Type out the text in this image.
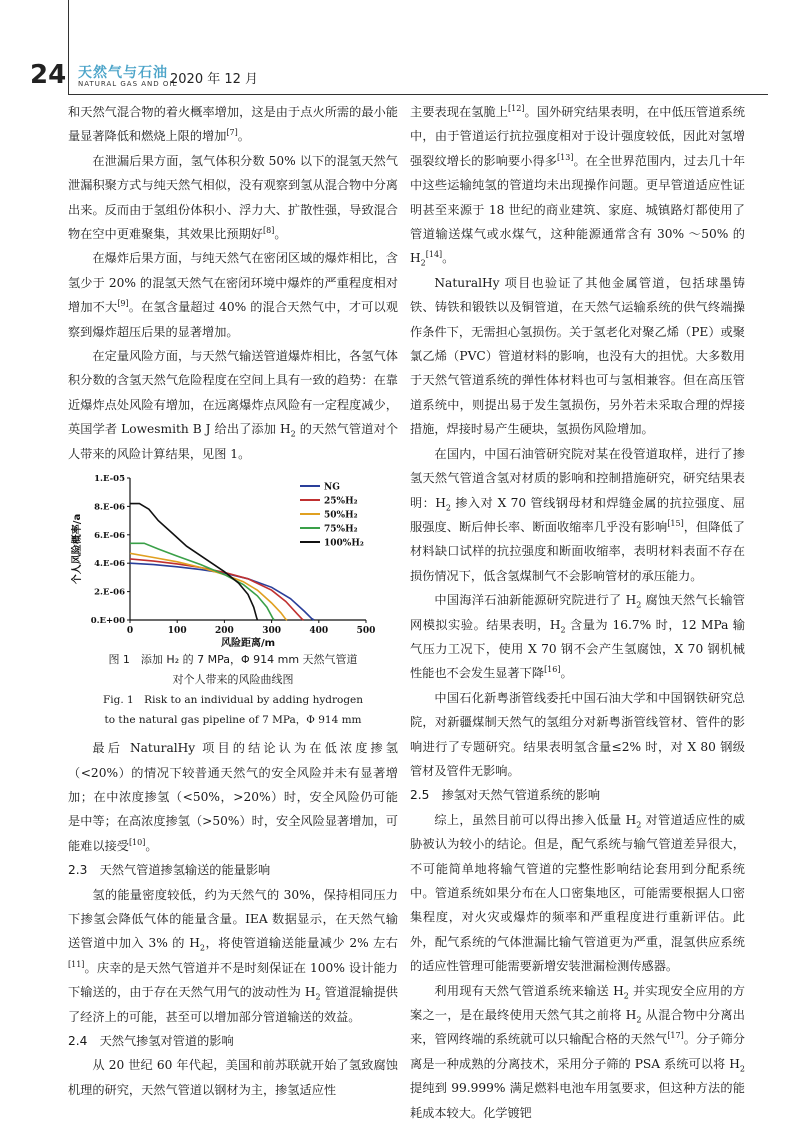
24 天然气与石油
NATURAL GAS AND OIL
2020 年 12 月

和天然气混合物的着火概率增加，这是由于点火所需的最小能量显著降低和燃烧上限的增加[7]。

在泄漏后果方面，氢气体积分数 50% 以下的混氢天然气泄漏积聚方式与纯天然气相似，没有观察到氢从混合物中分离出来。反而由于氢组份体积小、浮力大、扩散性强，导致混合物在空中更难聚集，其效果比预期好[8]。

在爆炸后果方面，与纯天然气在密闭区域的爆炸相比，含氢少于 20% 的混氢天然气在密闭环境中爆炸的严重程度相对增加不大[9]。在氢含量超过 40% 的混合天然气中，才可以观察到爆炸超压后果的显著增加。

在定量风险方面，与天然气输送管道爆炸相比，各氢气体积分数的含氢天然气危险程度在空间上具有一致的趋势：在靠近爆炸点处风险有增加，在远离爆炸点风险有一定程度减少，英国学者 Lowesmith B J 给出了添加 $H_2$ 的天然气管道对个人带来的风险计算结果，见图 1。

0.E+00
2.E-06
4.E-06
6.E-06
8.E-06
1.E-05
0	100	200	300	400	500
风险距离/m
个人风险概率/a
NG
25%H₂
50%H₂
75%H₂
100%H₂
图 1　添加 H₂ 的 7 MPa，Φ 914 mm 天然气管道
对个人带来的风险曲线图
Fig. 1　Risk to an individual by adding hydrogen
to the natural gas pipeline of 7 MPa，Φ 914 mm

最后 NaturalHy 项目的结论认为在低浓度掺氢（<20%）的情况下较普通天然气的安全风险并未有显著增加；在中浓度掺氢（<50%，>20%）时，安全风险仍可能是中等；在高浓度掺氢（>50%）时，安全风险显著增加，可能难以接受[10]。

2.3　天然气管道掺氢输送的能量影响

氢的能量密度较低，约为天然气的 30%，保持相同压力下掺氢会降低气体的能量含量。IEA 数据显示，在天然气输送管道中加入 3% 的 $H_2$，将使管道输送能量减少 2% 左右[11]。庆幸的是天然气管道并不是时刻保证在 100% 设计能力下输送的，由于存在天然气用气的波动性为 $H_2$ 管道混输提供了经济上的可能，甚至可以增加部分管道输送的效益。

2.4　天然气掺氢对管道的影响

从 20 世纪 60 年代起，美国和前苏联就开始了氢致腐蚀机理的研究，天然气管道以钢材为主，掺氢适应性

主要表现在氢脆上[12]。国外研究结果表明，在中低压管道系统中，由于管道运行抗拉强度相对于设计强度较低，因此对氢增强裂纹增长的影响要小得多[13]。在全世界范围内，过去几十年中这些运输纯氢的管道均未出现操作问题。更早管道适应性证明甚至来源于 18 世纪的商业建筑、家庭、城镇路灯都使用了管道输送煤气或水煤气，这种能源通常含有 30% ～50% 的 $H_2[14]$。

NaturalHy 项目也验证了其他金属管道，包括球墨铸铁、铸铁和锻铁以及铜管道，在天然气运输系统的供气终端操作条件下，无需担心氢损伤。关于氢老化对聚乙烯（PE）或聚氯乙烯（PVC）管道材料的影响，也没有大的担忧。大多数用于天然气管道系统的弹性体材料也可与氢相兼容。但在高压管道系统中，则提出易于发生氢损伤，另外若未采取合理的焊接措施，焊接时易产生硬块，氢损伤风险增加。

在国内，中国石油管研究院对某在役管道取样，进行了掺氢天然气管道含氢对材质的影响和控制措施研究，研究结果表明：$H_2$ 掺入对 X 70 管线钢母材和焊缝金属的抗拉强度、屈服强度、断后伸长率、断面收缩率几乎没有影响[15]，但降低了材料缺口试样的抗拉强度和断面收缩率，表明材料表面不存在损伤情况下，低含氢煤制气不会影响管材的承压能力。

中国海洋石油新能源研究院进行了 $H_2$ 腐蚀天然气长输管网模拟实验。结果表明，$H_2$ 含量为 16.7% 时，12 MPa 输气压力工况下，使用 X 70 钢不会产生氢腐蚀，X 70 钢机械性能也不会发生显著下降[16]。

中国石化新粤浙管线委托中国石油大学和中国钢铁研究总院，对新疆煤制天然气的氢组分对新粤浙管线管材、管件的影响进行了专题研究。结果表明氢含量≤2% 时，对 X 80 钢级管材及管件无影响。

2.5　掺氢对天然气管道系统的影响

综上，虽然目前可以得出掺入低量 $H_2$ 对管道适应性的威胁被认为较小的结论。但是，配气系统与输气管道差异很大，不可能简单地将输气管道的完整性影响结论套用到分配系统中。管道系统如果分布在人口密集地区，可能需要根据人口密集程度，对火灾或爆炸的频率和严重程度进行重新评估。此外，配气系统的气体泄漏比输气管道更为严重，混氢供应系统的适应性管理可能需要新增安装泄漏检测传感器。

利用现有天然气管道系统来输送 $H_2$ 并实现安全应用的方案之一，是在最终使用天然气其之前将 $H_2$ 从混合物中分离出来，管网终端的系统就可以只输配合格的天然气[17]。分子筛分离是一种成熟的分离技术，采用分子筛的 PSA 系统可以将 $H_2$ 提纯到 99.999% 满足燃料电池车用氢要求，但这种方法的能耗成本较大。化学镀钯
